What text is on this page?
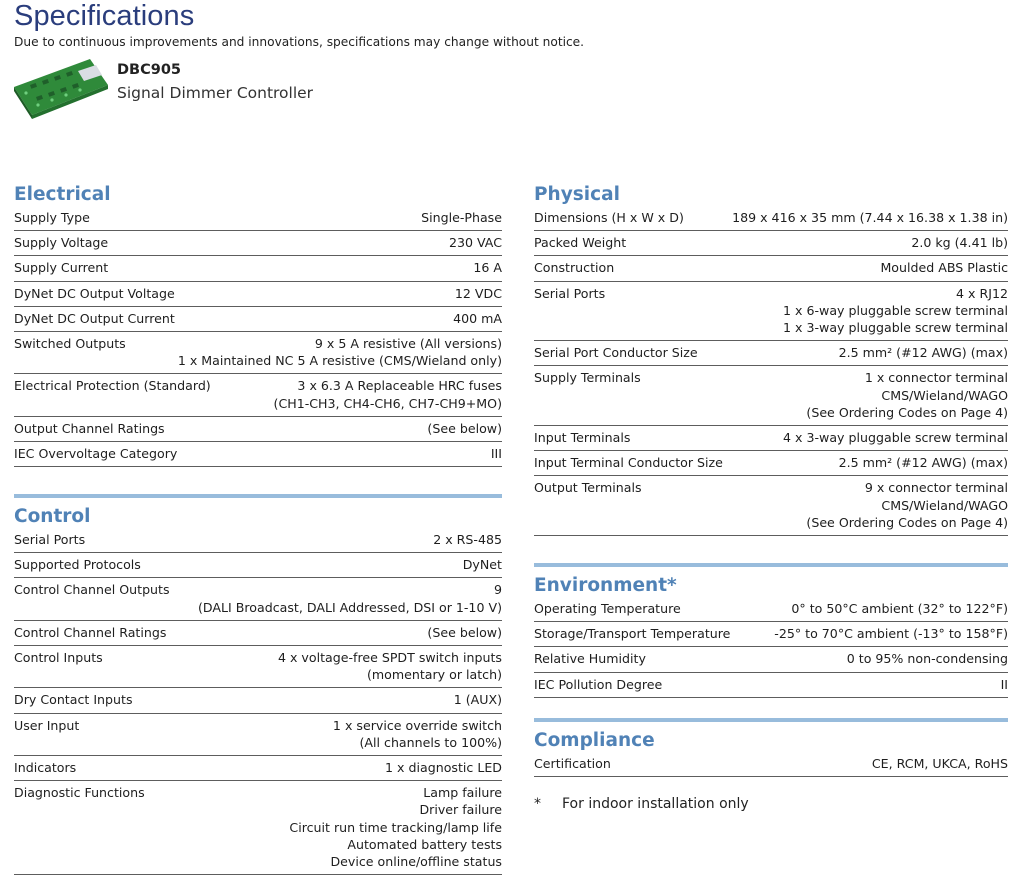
Specifications
Due to continuous improvements and innovations, specifications may change without notice.
DBC905
Signal Dimmer Controller
Electrical
Supply Type	Single-Phase
Supply Voltage	230 VAC
Supply Current	16 A
DyNet DC Output Voltage	12 VDC
DyNet DC Output Current	400 mA
Switched Outputs	9 x 5 A resistive (All versions)
1 x Maintained NC 5 A resistive (CMS/Wieland only)
Electrical Protection (Standard)	3 x 6.3 A Replaceable HRC fuses
(CH1-CH3, CH4-CH6, CH7-CH9+MO)
Output Channel Ratings	(See below)
IEC Overvoltage Category	III
Control
Serial Ports	2 x RS-485
Supported Protocols	DyNet
Control Channel Outputs	9
(DALI Broadcast, DALI Addressed, DSI or 1-10 V)
Control Channel Ratings	(See below)
Control Inputs	4 x voltage-free SPDT switch inputs
(momentary or latch)
Dry Contact Inputs	1 (AUX)
User Input	1 x service override switch
(All channels to 100%)
Indicators	1 x diagnostic LED
Diagnostic Functions	Lamp failure
Driver failure
Circuit run time tracking/lamp life
Automated battery tests
Device online/offline status
Physical
Dimensions (H x W x D)	189 x 416 x 35 mm (7.44 x 16.38 x 1.38 in)
Packed Weight	2.0 kg (4.41 lb)
Construction	Moulded ABS Plastic
Serial Ports	4 x RJ12
1 x 6-way pluggable screw terminal
1 x 3-way pluggable screw terminal
Serial Port Conductor Size	2.5 mm² (#12 AWG) (max)
Supply Terminals	1 x connector terminal
CMS/Wieland/WAGO
(See Ordering Codes on Page 4)
Input Terminals	4 x 3-way pluggable screw terminal
Input Terminal Conductor Size	2.5 mm² (#12 AWG) (max)
Output Terminals	9 x connector terminal
CMS/Wieland/WAGO
(See Ordering Codes on Page 4)
Environment*
Operating Temperature	0° to 50°C ambient (32° to 122°F)
Storage/Transport Temperature	-25° to 70°C ambient (-13° to 158°F)
Relative Humidity	0 to 95% non-condensing
IEC Pollution Degree	II
Compliance
Certification	CE, RCM, UKCA, RoHS
* For indoor installation only
